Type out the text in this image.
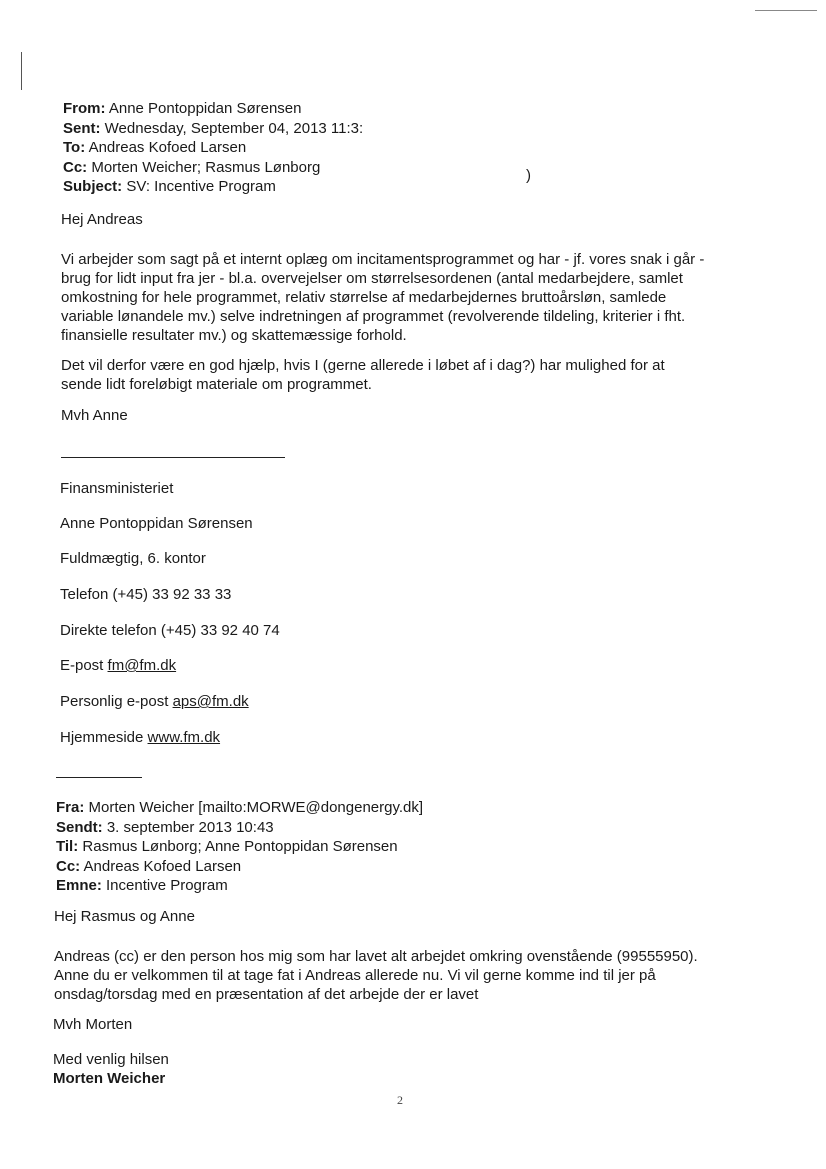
From: Anne Pontoppidan Sørensen
Sent: Wednesday, September 04, 2013 11:3:
To: Andreas Kofoed Larsen
Cc: Morten Weicher; Rasmus Lønborg
Subject: SV: Incentive Program
)
Hej Andreas
Vi arbejder som sagt på et internt oplæg om incitamentsprogrammet og har - jf. vores snak i går -
brug for lidt input fra jer - bl.a. overvejelser om størrelsesordenen (antal medarbejdere, samlet
omkostning for hele programmet, relativ størrelse af medarbejdernes bruttoårsløn, samlede
variable lønandele mv.) selve indretningen af programmet (revolverende tildeling, kriterier i fht.
finansielle resultater mv.) og skattemæssige forhold.
Det vil derfor være en god hjælp, hvis I (gerne allerede i løbet af i dag?) har mulighed for at
sende lidt foreløbigt materiale om programmet.
Mvh Anne
Finansministeriet
Anne Pontoppidan Sørensen
Fuldmægtig, 6. kontor
Telefon (+45) 33 92 33 33
Direkte telefon (+45) 33 92 40 74
E-post fm@fm.dk
Personlig e-post aps@fm.dk
Hjemmeside www.fm.dk
Fra: Morten Weicher [mailto:MORWE@dongenergy.dk]
Sendt: 3. september 2013 10:43
Til: Rasmus Lønborg; Anne Pontoppidan Sørensen
Cc: Andreas Kofoed Larsen
Emne: Incentive Program
Hej Rasmus og Anne
Andreas (cc) er den person hos mig som har lavet alt arbejdet omkring ovenstående (99555950).
Anne du er velkommen til at tage fat i Andreas allerede nu. Vi vil gerne komme ind til jer på
onsdag/torsdag med en præsentation af det arbejde der er lavet
Mvh Morten
Med venlig hilsen
Morten Weicher
2
